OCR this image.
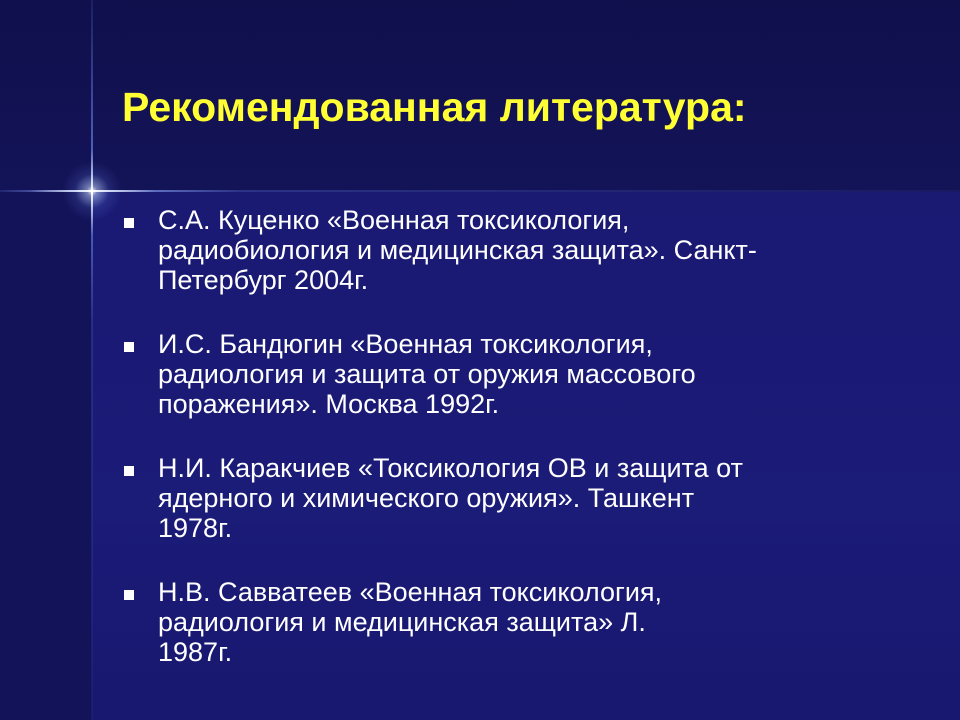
Рекомендованная литература:
С.А. Куценко «Военная токсикология,
радиобиология и медицинская защита». Санкт-
Петербург 2004г.
И.С. Бандюгин «Военная токсикология,
радиология и защита от оружия массового
поражения». Москва 1992г.
Н.И. Каракчиев «Токсикология ОВ и защита от
ядерного и химического оружия». Ташкент
1978г.
Н.В. Савватеев «Военная токсикология,
радиология и медицинская защита» Л.
1987г.
